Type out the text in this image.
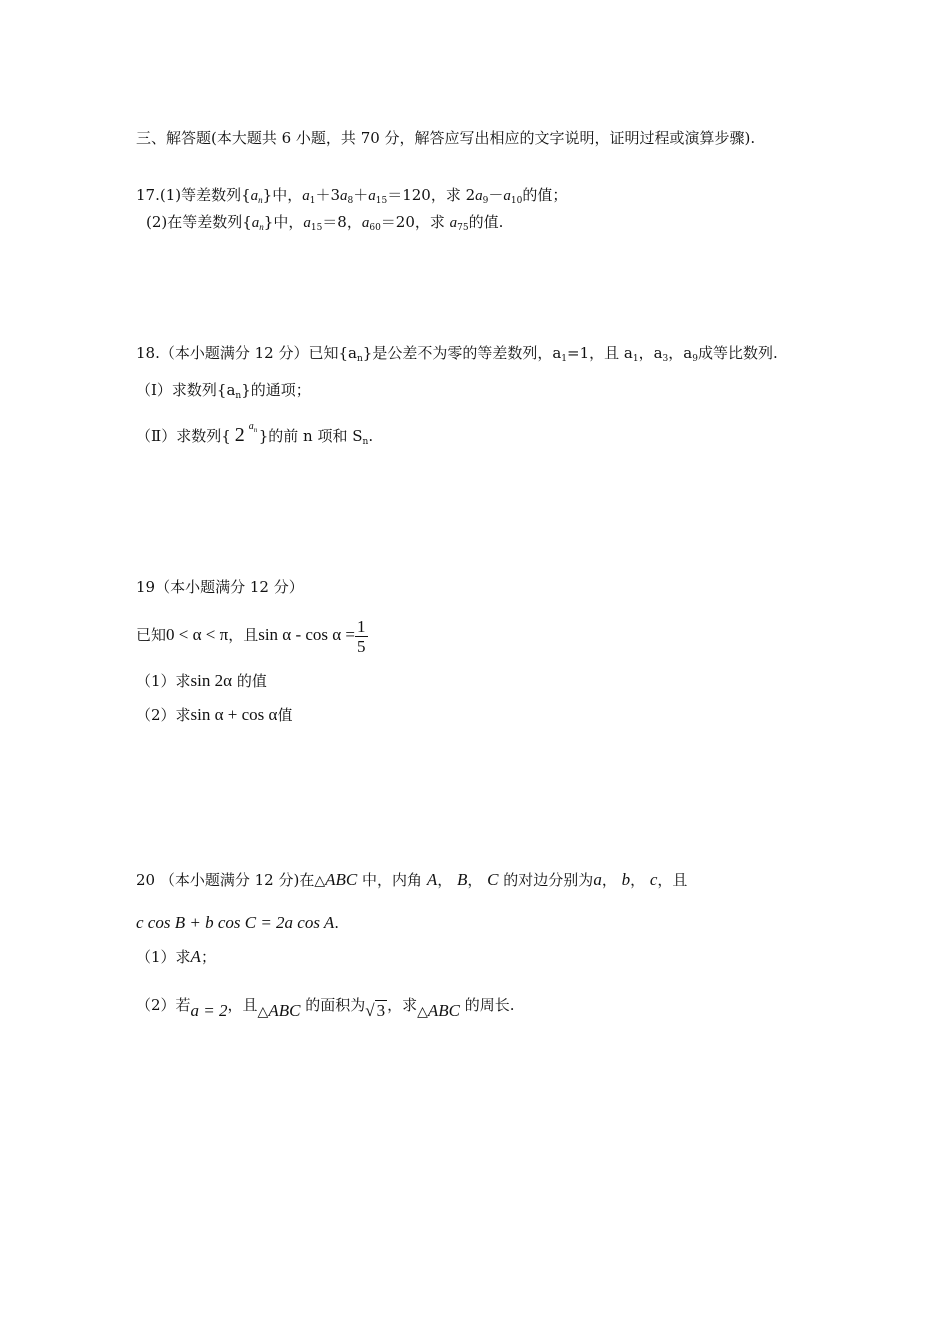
三、解答题(本大题共 6 小题，共 70 分，解答应写出相应的文字说明，证明过程或演算步骤).
17.(1)等差数列$\{a_n\}$中，$a_1+3a_8+a_{15}=120$，求 $2a_9-a_{10}$的值；
(2)在等差数列$\{a_n\}$中，$a_{15}=8$，$a_{60}=20$，求 $a_{75}$的值.
18.（本小题满分 12 分）已知$\{a_n\}$是公差不为零的等差数列，$a_1=1$，且 $a_1$，$a_3$，$a_9$成等比数列.
（Ⅰ）求数列$\{a_n\}$的通项；
（Ⅱ）求数列{ 2 $a_n$ }的前 n 项和 $S_n$.
19（本小题满分 12 分）
已知0 < α < π，且$\sin \alpha - \cos \alpha = \frac{1}{5}$
（1）求sin 2α 的值
（2）求sin α + cos α值
20 （本小题满分 12 分)在△ABC 中，内角 A， B， C 的对边分别为a， b， c，且
c cos B + b cos C = 2a cos A.
（1）求A；
（2）若a = 2，且△ABC 的面积为√ 3 ，求△ABC 的周长.
